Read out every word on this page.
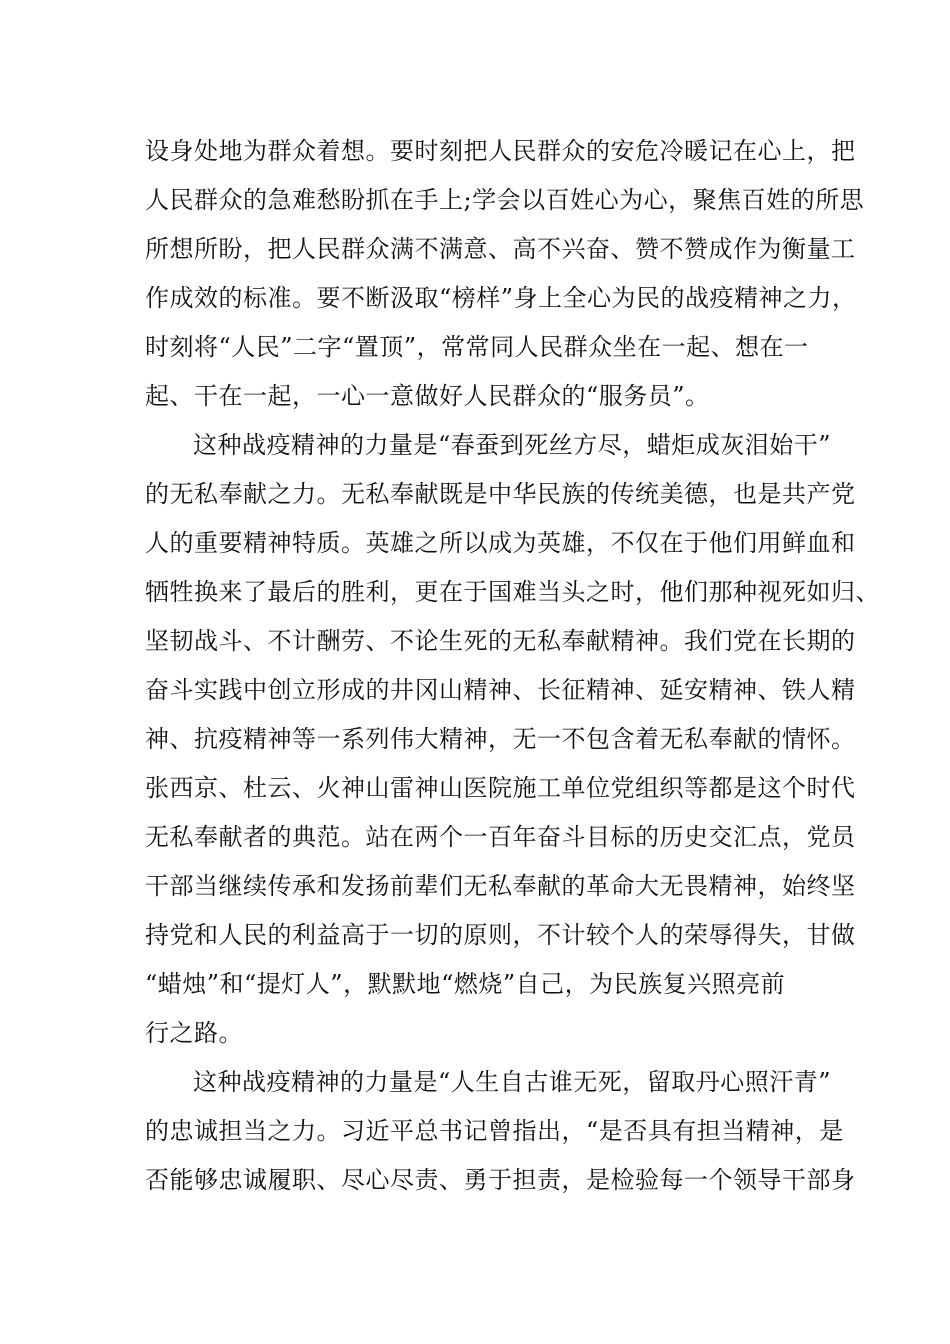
设身处地为群众着想。要时刻把人民群众的安危冷暖记在心上，把
人民群众的急难愁盼抓在手上;学会以百姓心为心，聚焦百姓的所思
所想所盼，把人民群众满不满意、高不兴奋、赞不赞成作为衡量工
作成效的标准。要不断汲取“榜样”身上全心为民的战疫精神之力，
时刻将“人民”二字“置顶”，常常同人民群众坐在一起、想在一
起、干在一起，一心一意做好人民群众的“服务员”。
这种战疫精神的力量是“春蚕到死丝方尽，蜡炬成灰泪始干”
的无私奉献之力。无私奉献既是中华民族的传统美德，也是共产党
人的重要精神特质。英雄之所以成为英雄，不仅在于他们用鲜血和
牺牲换来了最后的胜利，更在于国难当头之时，他们那种视死如归、
坚韧战斗、不计酬劳、不论生死的无私奉献精神。我们党在长期的
奋斗实践中创立形成的井冈山精神、长征精神、延安精神、铁人精
神、抗疫精神等一系列伟大精神，无一不包含着无私奉献的情怀。
张西京、杜云、火神山雷神山医院施工单位党组织等都是这个时代
无私奉献者的典范。站在两个一百年奋斗目标的历史交汇点，党员
干部当继续传承和发扬前辈们无私奉献的革命大无畏精神，始终坚
持党和人民的利益高于一切的原则，不计较个人的荣辱得失，甘做
“蜡烛”和“提灯人”，默默地“燃烧”自己，为民族复兴照亮前
行之路。
这种战疫精神的力量是“人生自古谁无死，留取丹心照汗青”
的忠诚担当之力。习近平总书记曾指出，“是否具有担当精神，是
否能够忠诚履职、尽心尽责、勇于担责，是检验每一个领导干部身
